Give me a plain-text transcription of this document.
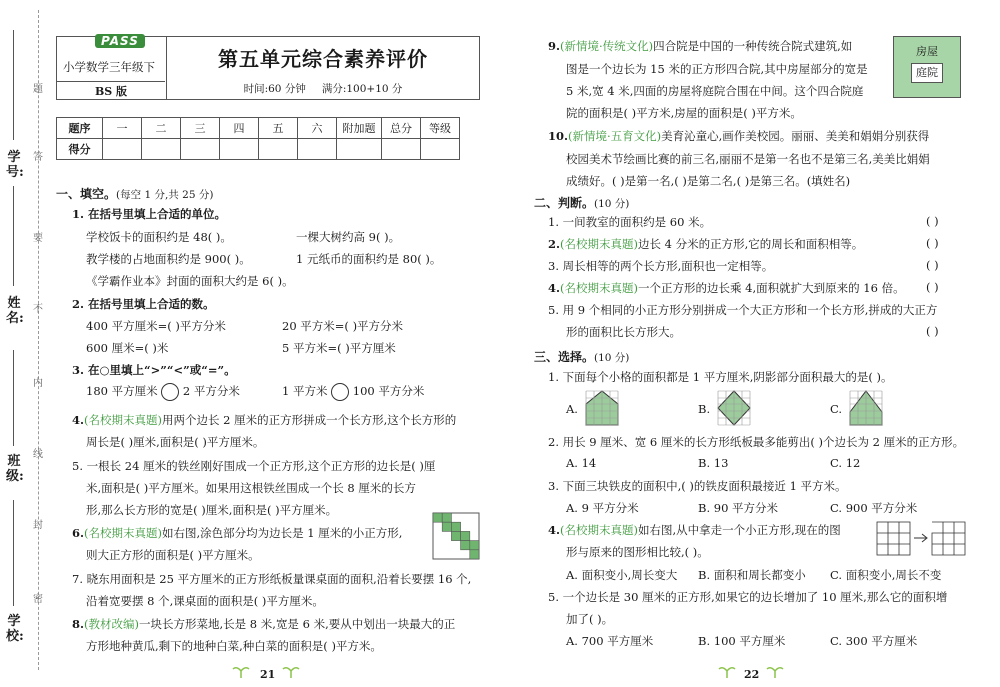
学号:
姓名:
班级:
学校:
题
答
要
不
内
线
封
密
PASS
小学数学三年级下
BS 版
第五单元综合素养评价
时间:60 分钟 满分:100+10 分
题序	一	二	三	四	五	六	附加题	总分	等级
得分									
一、填空。(每空 1 分,共 25 分)
1. 在括号里填上合适的单位。
学校饭卡的面积约是 48( )。	一棵大树约高 9( )。
教学楼的占地面积约是 900( )。	1 元纸币的面积约是 80( )。
《学霸作业本》封面的面积大约是 6( )。
2. 在括号里填上合适的数。
400 平方厘米=( )平方分米	20 平方米=( )平方分米
600 厘米=( )米	5 平方米=( )平方厘米
3. 在○里填上“>”“<”或“=”。
180 平方厘米 2 平方分米	1 平方米 100 平方分米
4.(名校期末真题)用两个边长 2 厘米的正方形拼成一个长方形,这个长方形的
周长是( )厘米,面积是( )平方厘米。
5. 一根长 24 厘米的铁丝刚好围成一个正方形,这个正方形的边长是( )厘
米,面积是( )平方厘米。如果用这根铁丝围成一个长 8 厘米的长方
形,那么长方形的宽是( )厘米,面积是( )平方厘米。
6.(名校期末真题)如右图,涂色部分均为边长是 1 厘米的小正方形,
则大正方形的面积是( )平方厘米。
7. 晓东用面积是 25 平方厘米的正方形纸板量课桌面的面积,沿着长要摆 16 个,
沿着宽要摆 8 个,课桌面的面积是( )平方厘米。
8.(教材改编)一块长方形菜地,长是 8 米,宽是 6 米,要从中划出一块最大的正
方形地种黄瓜,剩下的地种白菜,种白菜的面积是( )平方米。
21
9.(新情境·传统文化)四合院是中国的一种传统合院式建筑,如
图是一个边长为 15 米的正方形四合院,其中房屋部分的宽是
5 米,宽 4 米,四面的房屋将庭院合围在中间。这个四合院庭
院的面积是( )平方米,房屋的面积是( )平方米。
房屋
庭院
10.(新情境·五育文化)美育沁童心,画作美校园。丽丽、美美和娟娟分别获得
校园美术节绘画比赛的前三名,丽丽不是第一名也不是第三名,美美比娟娟
成绩好。( )是第一名,( )是第二名,( )是第三名。(填姓名)
二、判断。(10 分)
1. 一间教室的面积约是 60 米。	( )
2.(名校期末真题)边长 4 分米的正方形,它的周长和面积相等。	( )
3. 周长相等的两个长方形,面积也一定相等。	( )
4.(名校期末真题)一个正方形的边长乘 4,面积就扩大到原来的 16 倍。 ( )
5. 用 9 个相同的小正方形分别拼成一个大正方形和一个长方形,拼成的大正方
形的面积比长方形大。	( )
三、选择。(10 分)
1. 下面每个小格的面积都是 1 平方厘米,阴影部分面积最大的是( )。
A.	B.	C.
2. 用长 9 厘米、宽 6 厘米的长方形纸板最多能剪出( )个边长为 2 厘米的正方形。
A. 14	B. 13	C. 12
3. 下面三块铁皮的面积中,( )的铁皮面积最接近 1 平方米。
A. 9 平方分米	B. 90 平方分米	C. 900 平方分米
4.(名校期末真题)如右图,从中拿走一个小正方形,现在的图
形与原来的图形相比较,( )。
A. 面积变小,周长变大 B. 面积和周长都变小 C. 面积变小,周长不变
5. 一个边长是 30 厘米的正方形,如果它的边长增加了 10 厘米,那么它的面积增
加了( )。
A. 700 平方厘米	B. 100 平方厘米	C. 300 平方厘米
22
